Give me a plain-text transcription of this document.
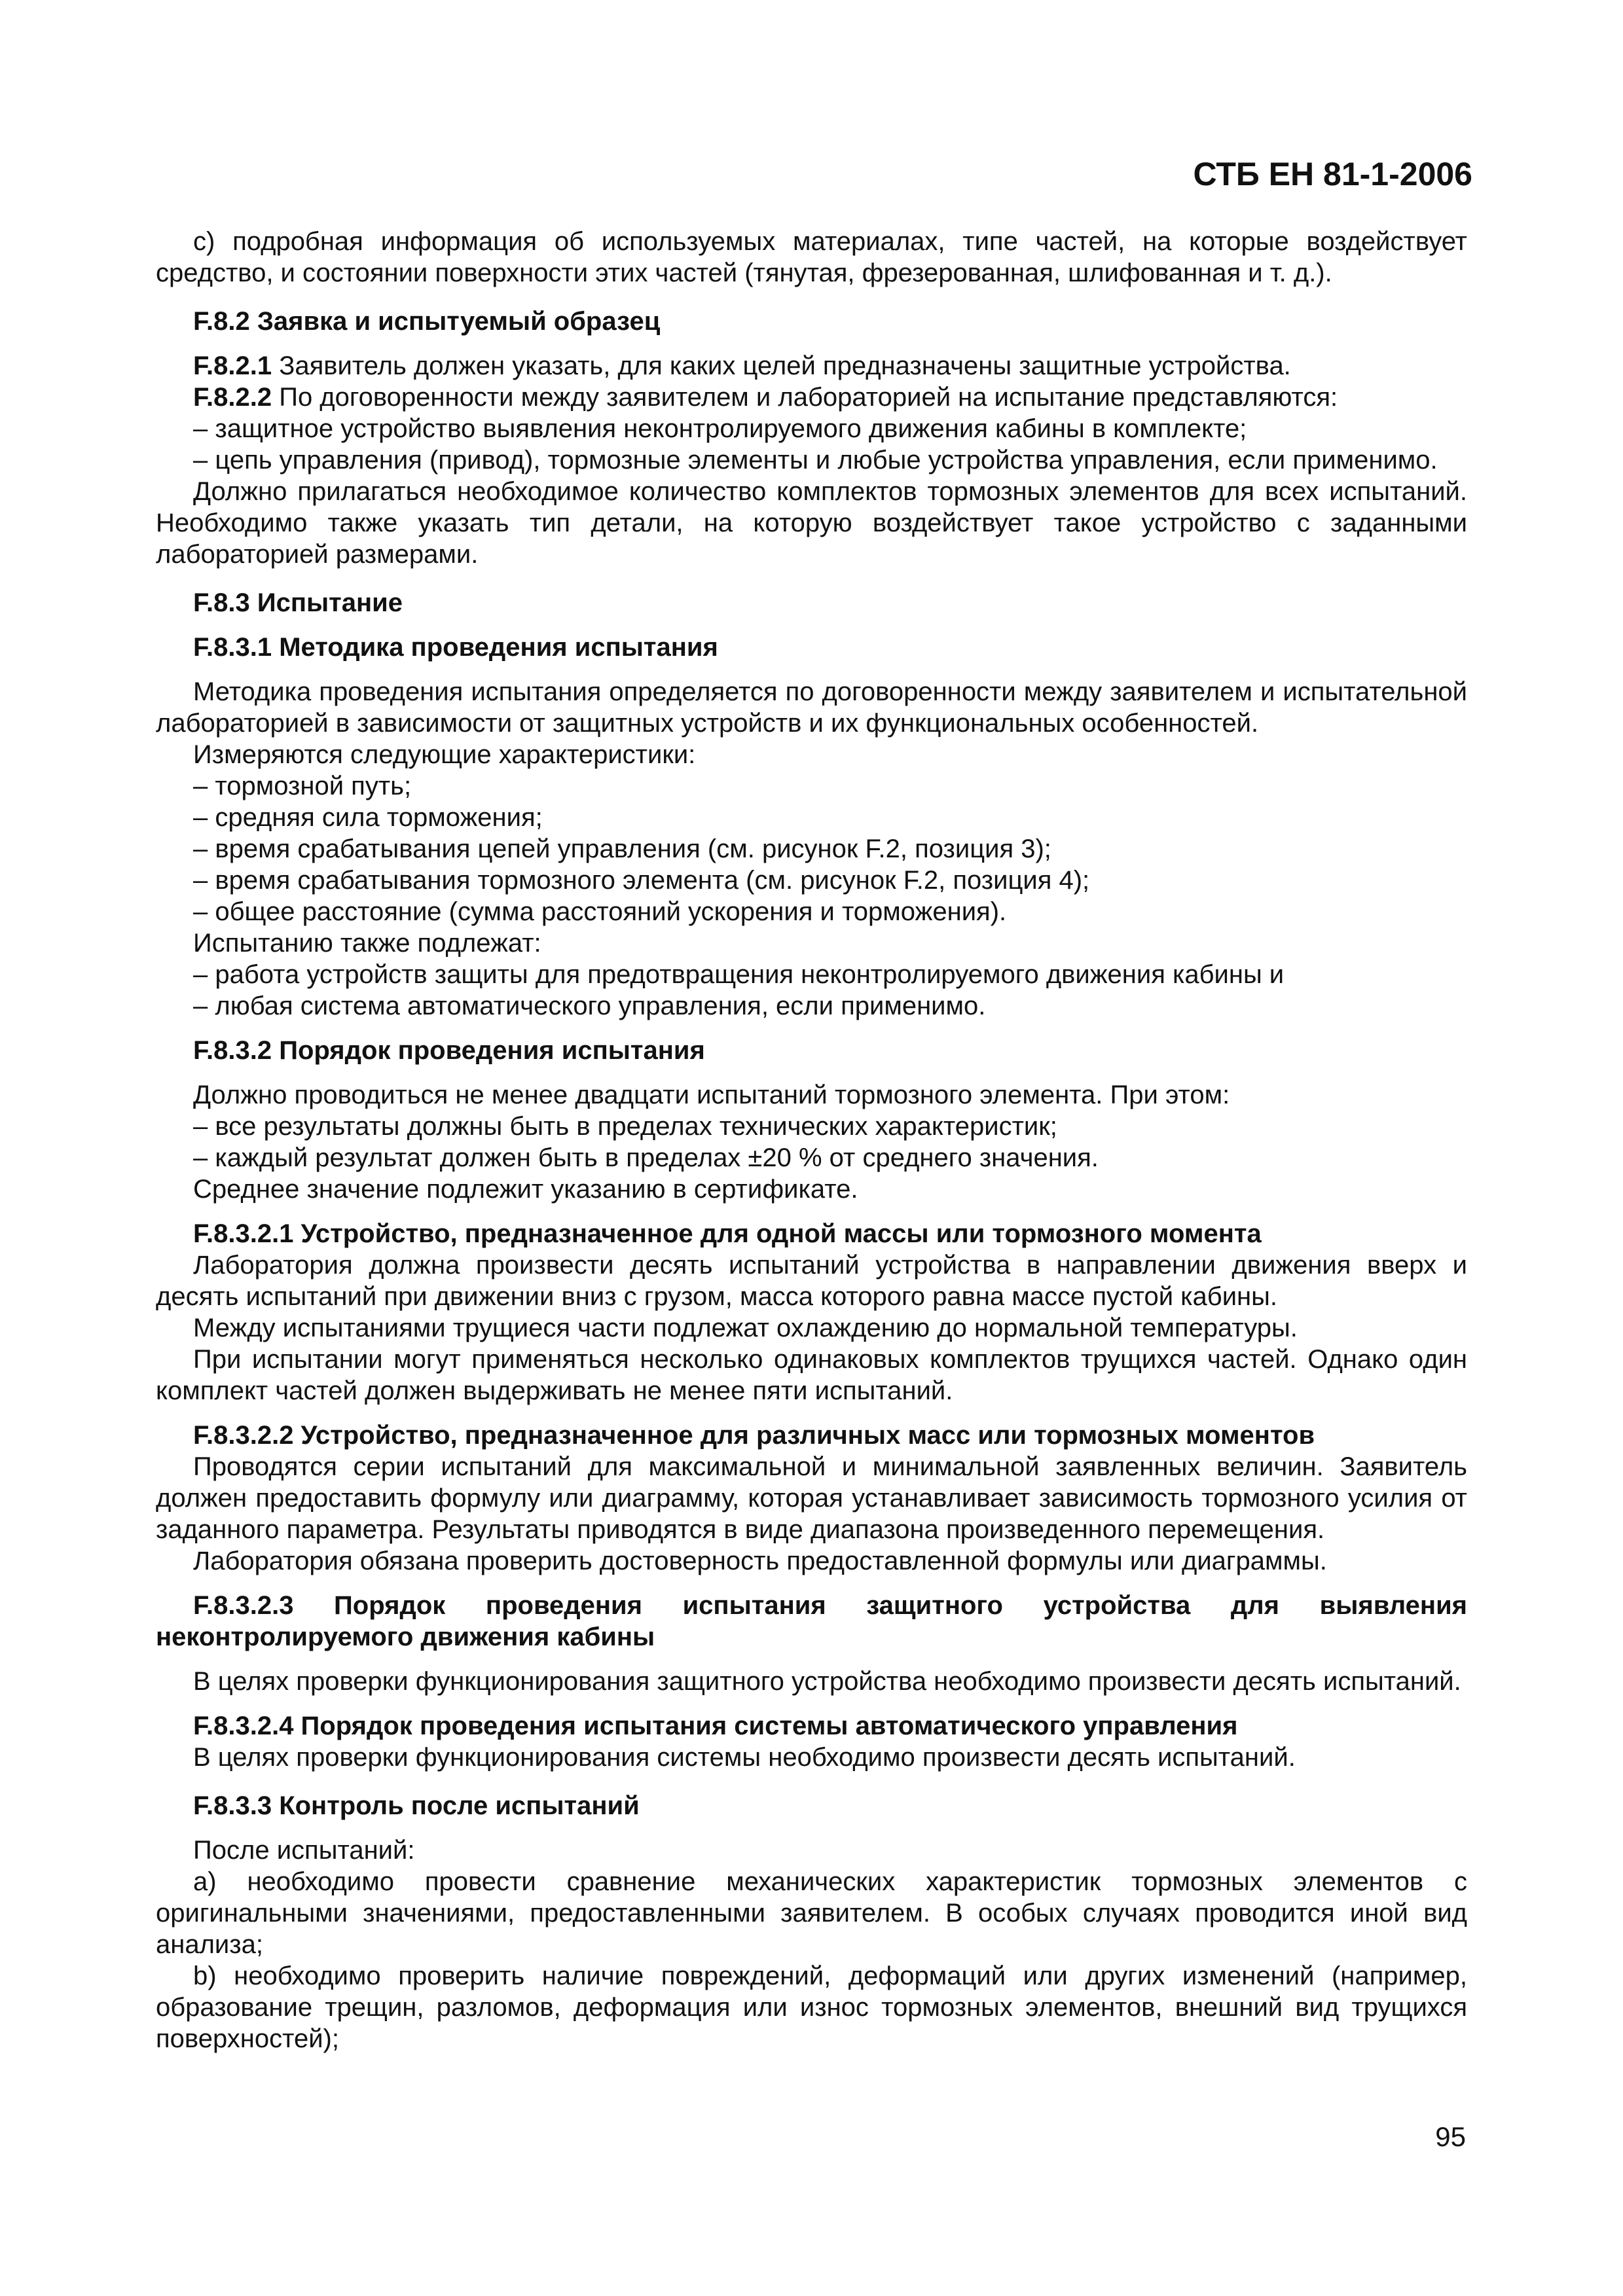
СТБ ЕН 81-1-2006

c) подробная информация об используемых материалах, типе частей, на которые воздействует средство, и состоянии поверхности этих частей (тянутая, фрезерованная, шлифованная и т. д.).

F.8.2 Заявка и испытуемый образец

F.8.2.1 Заявитель должен указать, для каких целей предназначены защитные устройства.

F.8.2.2 По договоренности между заявителем и лабораторией на испытание представляются:

– защитное устройство выявления неконтролируемого движения кабины в комплекте;

– цепь управления (привод), тормозные элементы и любые устройства управления, если применимо.

Должно прилагаться необходимое количество комплектов тормозных элементов для всех испытаний. Необходимо также указать тип детали, на которую воздействует такое устройство с заданными лабораторией размерами.

F.8.3 Испытание

F.8.3.1 Методика проведения испытания

Методика проведения испытания определяется по договоренности между заявителем и испытательной лабораторией в зависимости от защитных устройств и их функциональных особенностей.

Измеряются следующие характеристики:

– тормозной путь;

– средняя сила торможения;

– время срабатывания цепей управления (см. рисунок F.2, позиция 3);

– время срабатывания тормозного элемента (см. рисунок F.2, позиция 4);

– общее расстояние (сумма расстояний ускорения и торможения).

Испытанию также подлежат:

– работа устройств защиты для предотвращения неконтролируемого движения кабины и

– любая система автоматического управления, если применимо.

F.8.3.2 Порядок проведения испытания

Должно проводиться не менее двадцати испытаний тормозного элемента. При этом:

– все результаты должны быть в пределах технических характеристик;

– каждый результат должен быть в пределах ±20 % от среднего значения.

Среднее значение подлежит указанию в сертификате.

F.8.3.2.1 Устройство, предназначенное для одной массы или тормозного момента

Лаборатория должна произвести десять испытаний устройства в направлении движения вверх и десять испытаний при движении вниз с грузом, масса которого равна массе пустой кабины.

Между испытаниями трущиеся части подлежат охлаждению до нормальной температуры.

При испытании могут применяться несколько одинаковых комплектов трущихся частей. Однако один комплект частей должен выдерживать не менее пяти испытаний.

F.8.3.2.2 Устройство, предназначенное для различных масс или тормозных моментов

Проводятся серии испытаний для максимальной и минимальной заявленных величин. Заявитель должен предоставить формулу или диаграмму, которая устанавливает зависимость тормозного усилия от заданного параметра. Результаты приводятся в виде диапазона произведенного перемещения.

Лаборатория обязана проверить достоверность предоставленной формулы или диаграммы.

F.8.3.2.3 Порядок проведения испытания защитного устройства для выявления неконтролируемого движения кабины

В целях проверки функционирования защитного устройства необходимо произвести десять испытаний.

F.8.3.2.4 Порядок проведения испытания системы автоматического управления

В целях проверки функционирования системы необходимо произвести десять испытаний.

F.8.3.3 Контроль после испытаний

После испытаний:

a) необходимо провести сравнение механических характеристик тормозных элементов с оригинальными значениями, предоставленными заявителем. В особых случаях проводится иной вид анализа;

b) необходимо проверить наличие повреждений, деформаций или других изменений (например, образование трещин, разломов, деформация или износ тормозных элементов, внешний вид трущихся поверхностей);

95
